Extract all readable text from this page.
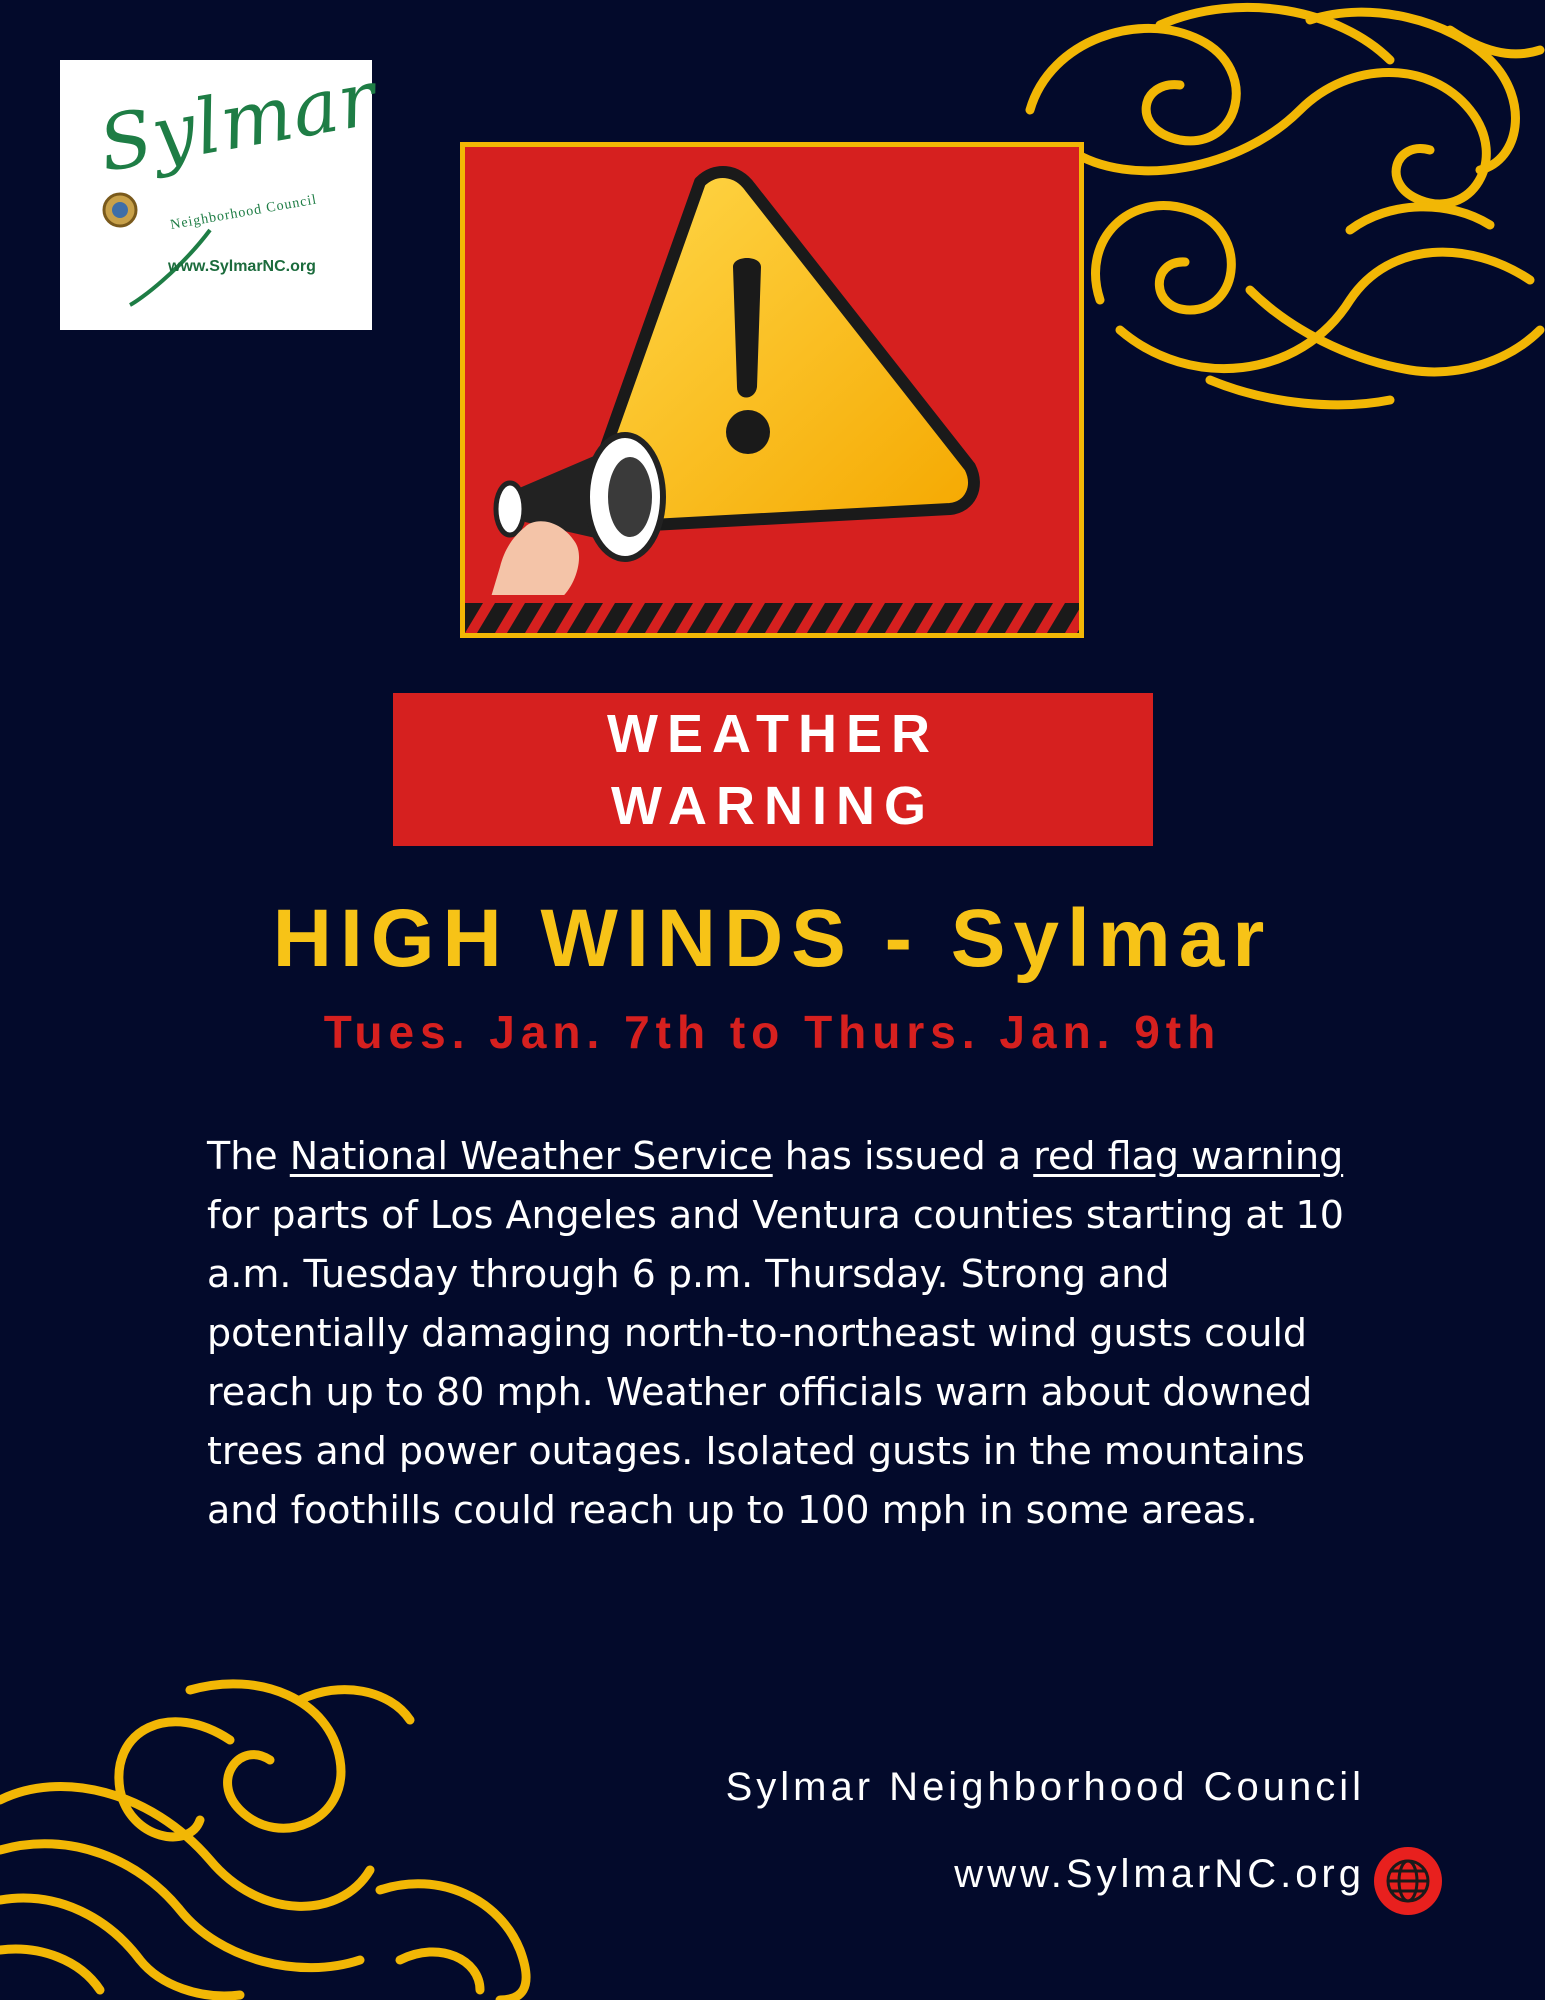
Sylmar
Neighborhood Council
www.SylmarNC.org
WEATHER
WARNING
HIGH WINDS - Sylmar
Tues. Jan. 7th to Thurs. Jan. 9th
The National Weather Service has issued a red flag warning for parts of Los Angeles and Ventura counties starting at 10 a.m. Tuesday through 6 p.m. Thursday. Strong and potentially damaging north-to-northeast wind gusts could reach up to 80 mph. Weather officials warn about downed trees and power outages. Isolated gusts in the mountains and foothills could reach up to 100 mph in some areas.
Sylmar Neighborhood Council
www.SylmarNC.org
